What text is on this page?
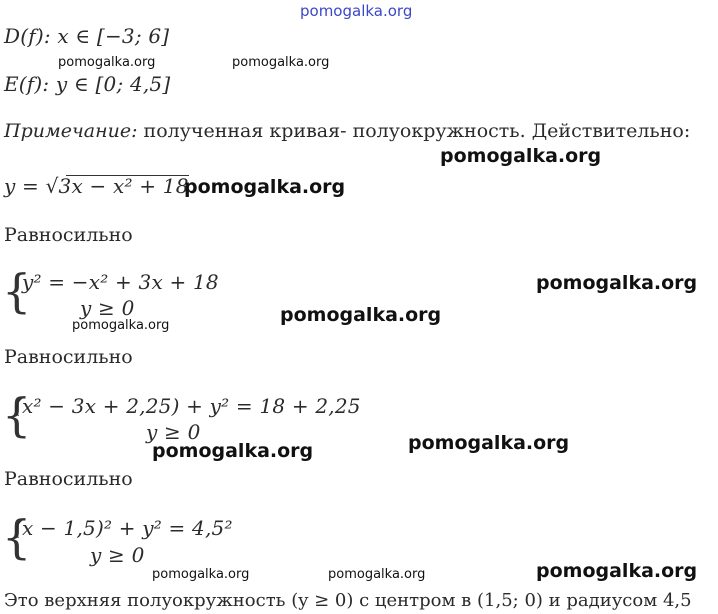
pomogalka.org
D(f): x ∈ [−3; 6]
pomogalka.org	pomogalka.org
E(f): y ∈ [0; 4,5]
Примечание: полученная кривая- полуокружность. Действительно:
pomogalka.org
y = √
3x − x² + 18
pomogalka.org
Равносильно
{
y² = −x² + 3x + 18
y ≥ 0
pomogalka.org
pomogalka.org	pomogalka.org
Равносильно
{
(x² − 3x + 2,25) + y² = 18 + 2,25
y ≥ 0	pomogalka.org
pomogalka.org
Равносильно
{
(x − 1,5)² + y² = 4,5²
y ≥ 0
pomogalka.org	pomogalka.org	pomogalka.org
Это верхняя полуокружность (y ≥ 0) с центром в (1,5; 0) и радиусом 4,5
